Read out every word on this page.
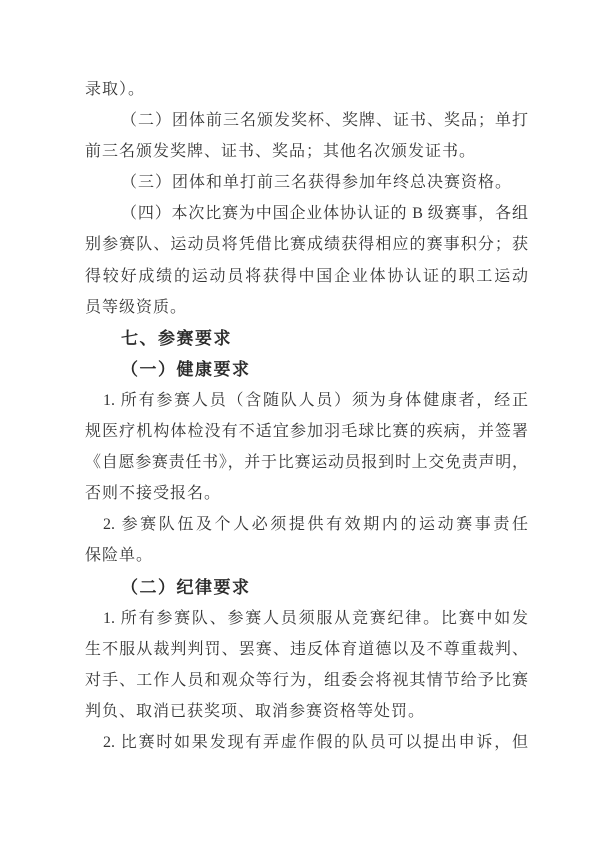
录取）。
（二）团体前三名颁发奖杯、奖牌、证书、奖品；单打
前三名颁发奖牌、证书、奖品；其他名次颁发证书。
（三）团体和单打前三名获得参加年终总决赛资格。
（四）本次比赛为中国企业体协认证的 B 级赛事，各组
别参赛队、运动员将凭借比赛成绩获得相应的赛事积分；获
得较好成绩的运动员将获得中国企业体协认证的职工运动
员等级资质。
七、参赛要求
（一）健康要求
1. 所有参赛人员（含随队人员）须为身体健康者，经正
规医疗机构体检没有不适宜参加羽毛球比赛的疾病，并签署
《自愿参赛责任书》，并于比赛运动员报到时上交免责声明，
否则不接受报名。
2. 参赛队伍及个人必须提供有效期内的运动赛事责任
保险单。
（二）纪律要求
1. 所有参赛队、参赛人员须服从竞赛纪律。比赛中如发
生不服从裁判判罚、罢赛、违反体育道德以及不尊重裁判、
对手、工作人员和观众等行为，组委会将视其情节给予比赛
判负、取消已获奖项、取消参赛资格等处罚。
2. 比赛时如果发现有弄虚作假的队员可以提出申诉，但
